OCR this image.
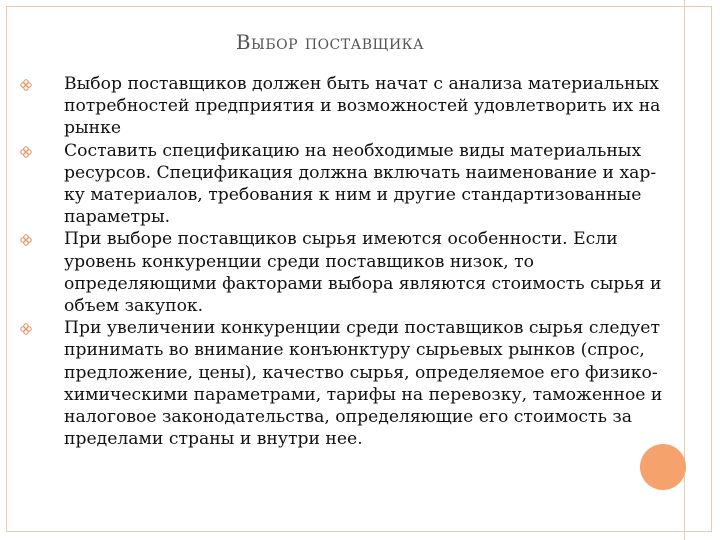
Выбор поставщика
Выбор поставщиков должен быть начат с анализа материальных потребностей предприятия и возможностей удовлетворить их на рынке
Составить спецификацию на необходимые виды материальных ресурсов. Спецификация должна включать наименование и хар-ку материалов, требования к ним и другие стандартизованные параметры.
При выборе поставщиков сырья имеются особенности. Если уровень конкуренции среди поставщиков низок, то определяющими факторами выбора являются стоимость сырья и объем закупок.
При увеличении конкуренции среди поставщиков сырья следует принимать во внимание конъюнктуру сырьевых рынков (спрос, предложение, цены), качество сырья, определяемое его физико-химическими параметрами, тарифы на перевозку, таможенное и налоговое законодательства, определяющие его стоимость за пределами страны и внутри нее.
